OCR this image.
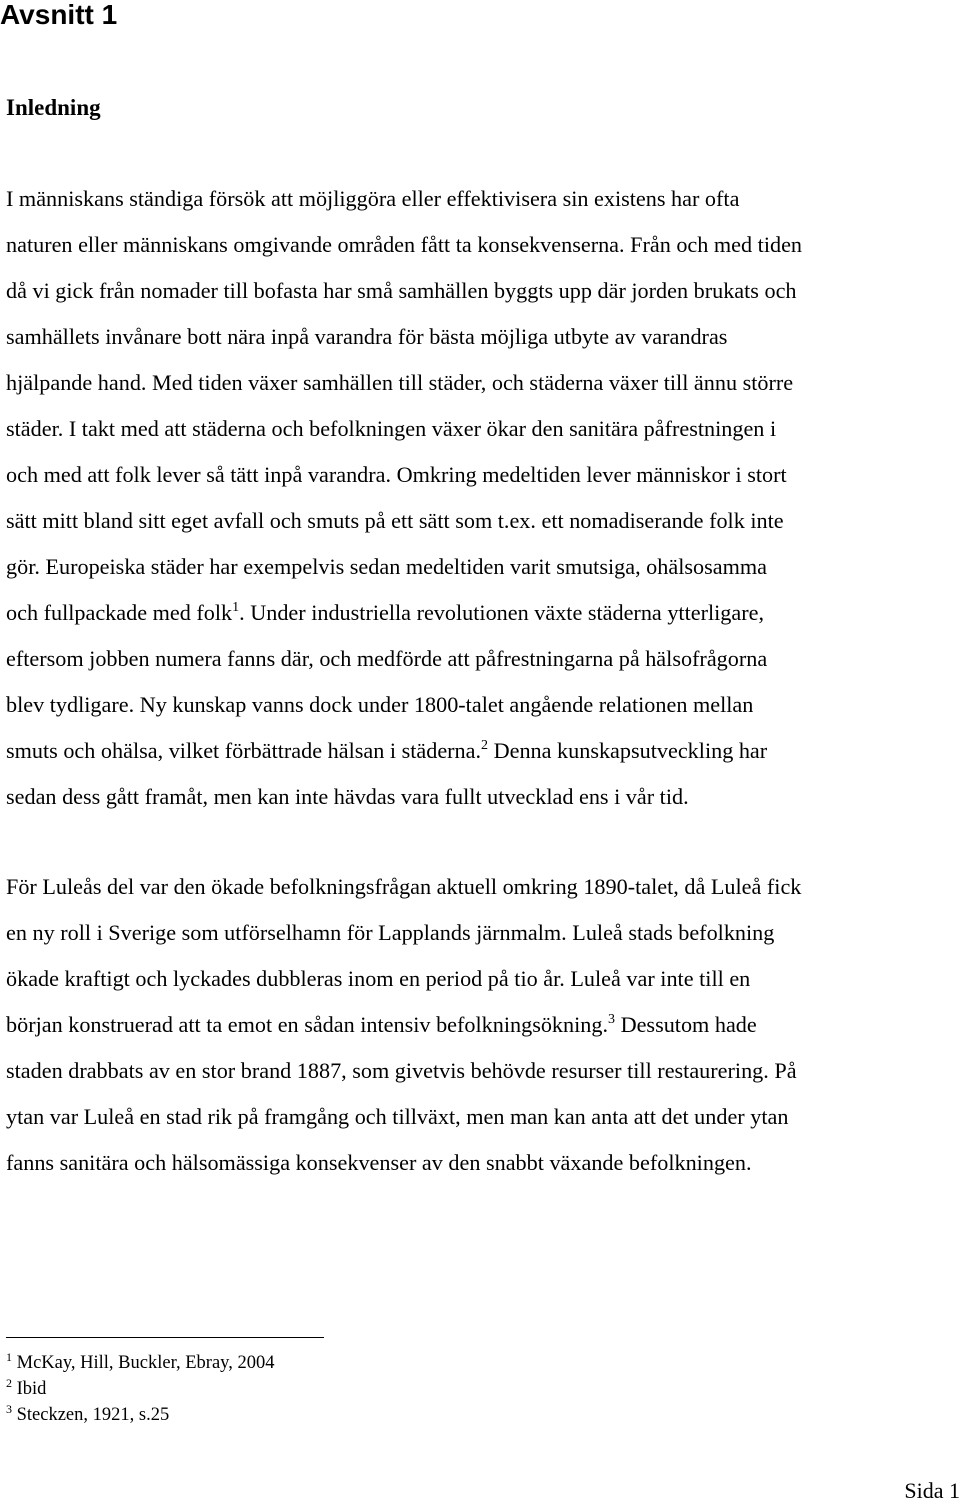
Avsnitt 1
Inledning

I människans ständiga försök att möjliggöra eller effektivisera sin existens har ofta
naturen eller människans omgivande områden fått ta konsekvenserna. Från och med tiden
då vi gick från nomader till bofasta har små samhällen byggts upp där jorden brukats och
samhällets invånare bott nära inpå varandra för bästa möjliga utbyte av varandras
hjälpande hand. Med tiden växer samhällen till städer, och städerna växer till ännu större
städer. I takt med att städerna och befolkningen växer ökar den sanitära påfrestningen i
och med att folk lever så tätt inpå varandra. Omkring medeltiden lever människor i stort
sätt mitt bland sitt eget avfall och smuts på ett sätt som t.ex. ett nomadiserande folk inte
gör. Europeiska städer har exempelvis sedan medeltiden varit smutsiga, ohälsosamma
och fullpackade med folk$^1$. Under industriella revolutionen växte städerna ytterligare,
eftersom jobben numera fanns där, och medförde att påfrestningarna på hälsofrågorna
blev tydligare. Ny kunskap vanns dock under 1800-talet angående relationen mellan
smuts och ohälsa, vilket förbättrade hälsan i städerna.$^2$ Denna kunskapsutveckling har
sedan dess gått framåt, men kan inte hävdas vara fullt utvecklad ens i vår tid.

För Luleås del var den ökade befolkningsfrågan aktuell omkring 1890-talet, då Luleå fick
en ny roll i Sverige som utförselhamn för Lapplands järnmalm. Luleå stads befolkning
ökade kraftigt och lyckades dubbleras inom en period på tio år. Luleå var inte till en
början konstruerad att ta emot en sådan intensiv befolkningsökning.$^3$ Dessutom hade
staden drabbats av en stor brand 1887, som givetvis behövde resurser till restaurering. På
ytan var Luleå en stad rik på framgång och tillväxt, men man kan anta att det under ytan
fanns sanitära och hälsomässiga konsekvenser av den snabbt växande befolkningen.

$^1$ McKay, Hill, Buckler, Ebray, 2004
$^2$ Ibid
$^3$ Steckzen, 1921, s.25
Sida 1
